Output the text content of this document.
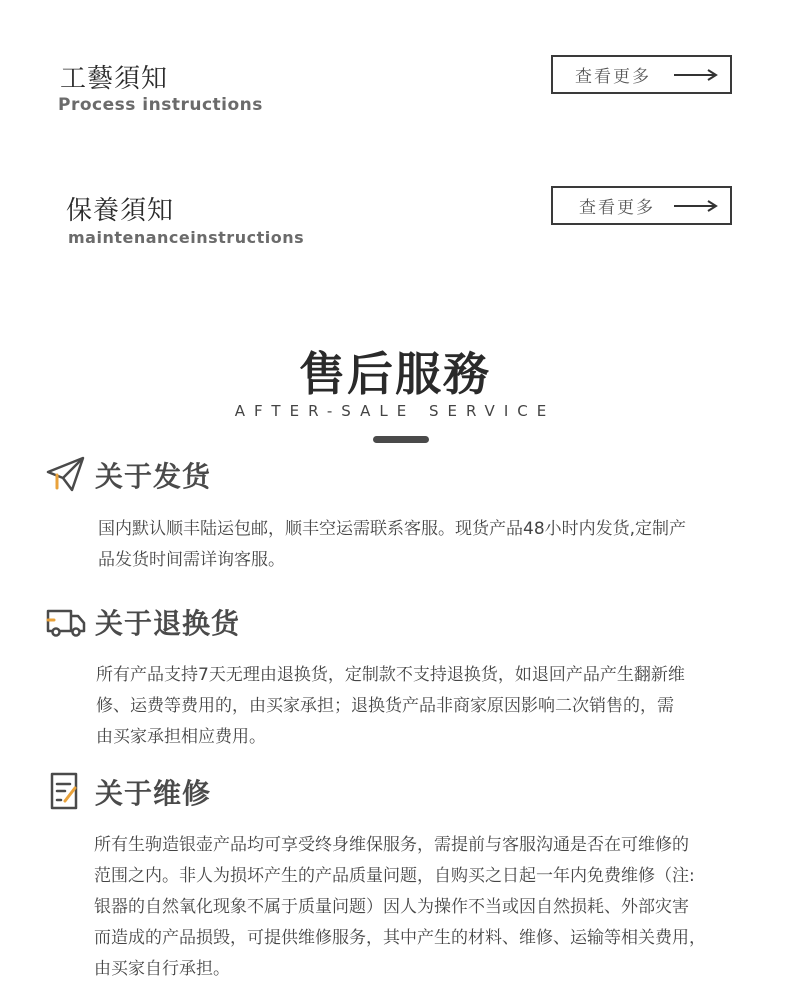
工藝須知
Process instructions
查看更多
保養須知
maintenanceinstructions
查看更多
售后服務
AFTER-SALE SERVICE
关于发货

国内默认顺丰陆运包邮，顺丰空运需联系客服。现货产品48小时内发货,定制产

品发货时间需详询客服。

关于退换货

所有产品支持7天无理由退换货，定制款不支持退换货，如退回产品产生翻新维

修、运费等费用的，由买家承担；退换货产品非商家原因影响二次销售的，需

由买家承担相应费用。

关于维修

所有生驹造银壶产品均可享受终身维保服务，需提前与客服沟通是否在可维修的

范围之内。非人为损坏产生的产品质量问题，自购买之日起一年内免费维修（注:

银器的自然氧化现象不属于质量问题）因人为操作不当或因自然损耗、外部灾害

而造成的产品损毁，可提供维修服务，其中产生的材料、维修、运输等相关费用，

由买家自行承担。
